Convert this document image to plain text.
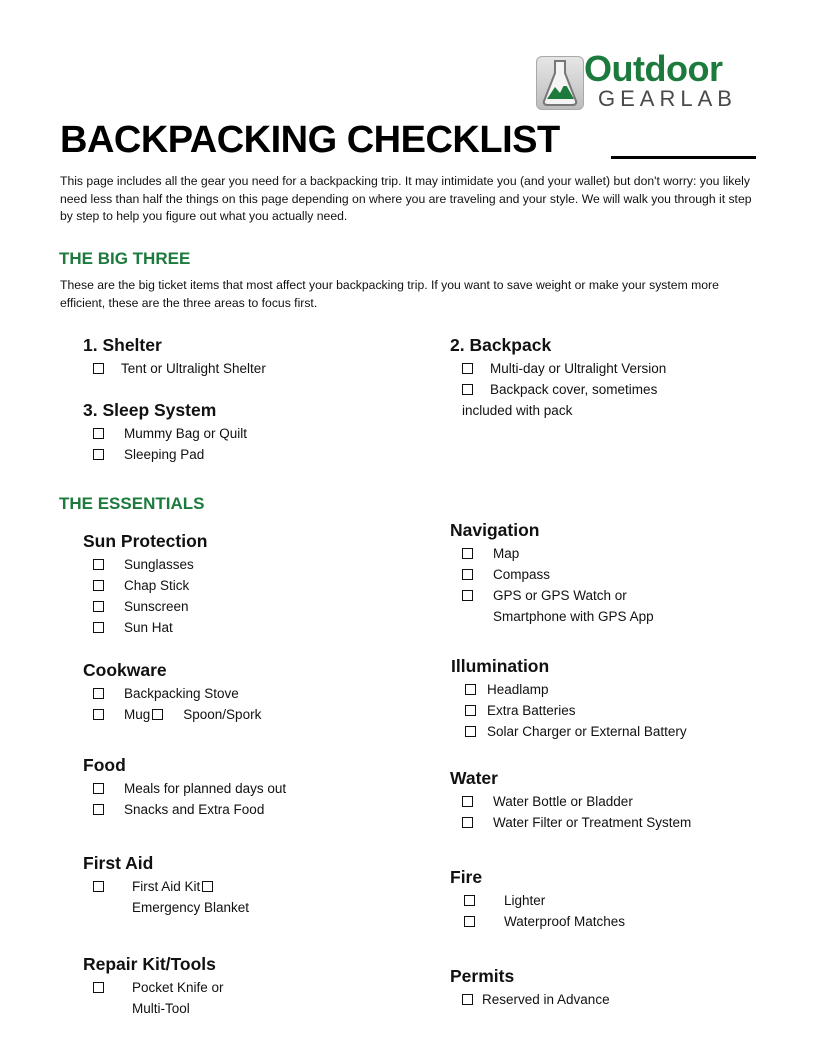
Outdoor
GEARLAB
BACKPACKING CHECKLIST
This page includes all the gear you need for a backpacking trip. It may intimidate you (and your wallet) but don't worry: you likely need less than half the things on this page depending on where you are traveling and your style. We will walk you through it step by step to help you figure out what you actually need.
THE BIG THREE
These are the big ticket items that most affect your backpacking trip. If you want to save weight or make your system more efficient, these are the three areas to focus first.
1. Shelter
Tent or Ultralight Shelter
2. Backpack
Multi-day or Ultralight Version
Backpack cover, sometimes
included with pack
3. Sleep System
Mummy Bag or Quilt
Sleeping Pad
THE ESSENTIALS
Sun Protection
Sunglasses
Chap Stick
Sunscreen
Sun Hat
Cookware
Backpacking Stove
Mug Spoon/Spork
Food
Meals for planned days out
Snacks and Extra Food
First Aid
First Aid Kit
Emergency Blanket
Repair Kit/Tools
Pocket Knife or
Multi-Tool
Navigation
Map
Compass
GPS or GPS Watch or
Smartphone with GPS App
Illumination
Headlamp
Extra Batteries
Solar Charger or External Battery
Water
Water Bottle or Bladder
Water Filter or Treatment System
Fire
Lighter
Waterproof Matches
Permits
Reserved in Advance
